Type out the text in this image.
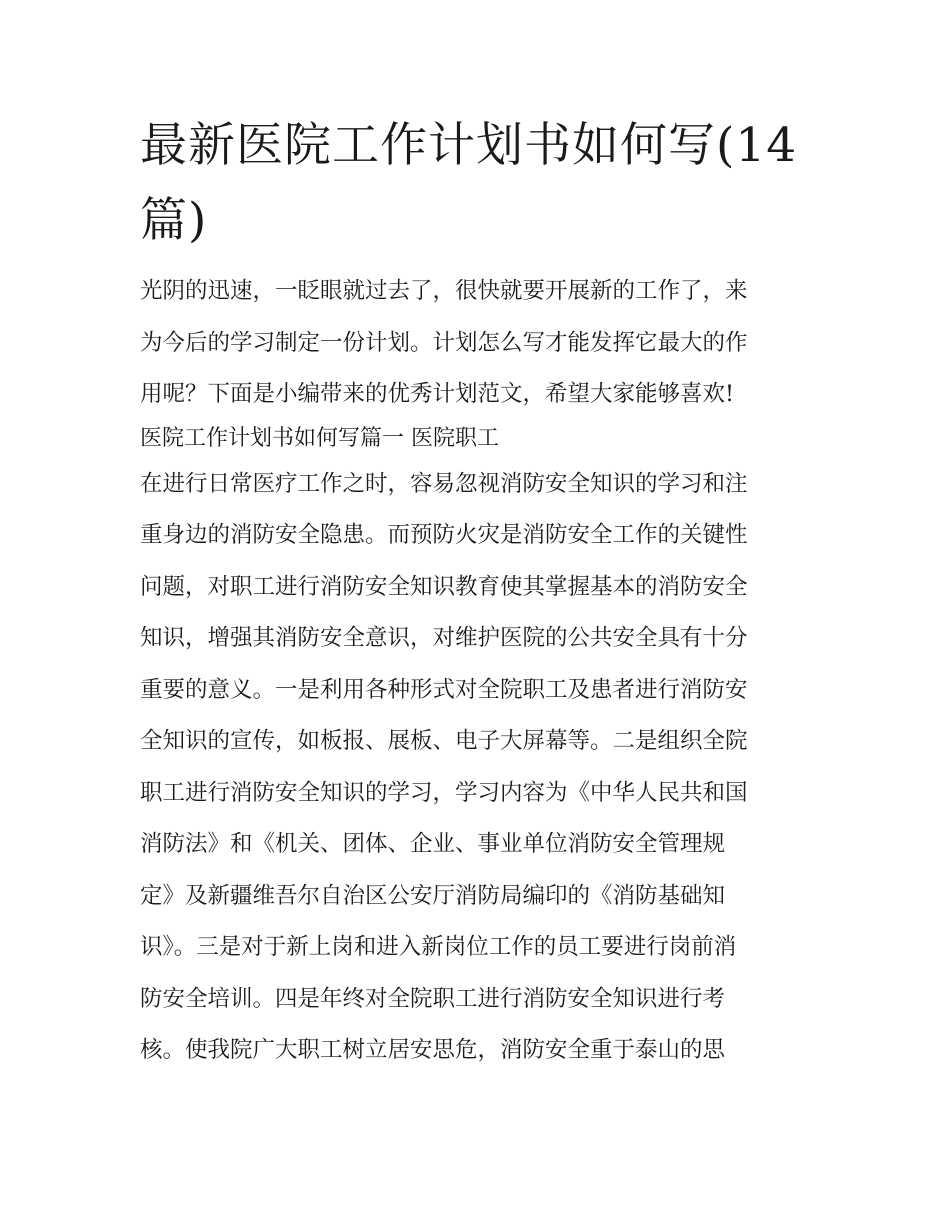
最新医院工作计划书如何写(14
篇)
光阴的迅速，一眨眼就过去了，很快就要开展新的工作了，来
为今后的学习制定一份计划。计划怎么写才能发挥它最大的作
用呢？下面是小编带来的优秀计划范文，希望大家能够喜欢!
医院工作计划书如何写篇一 医院职工
在进行日常医疗工作之时，容易忽视消防安全知识的学习和注
重身边的消防安全隐患。而预防火灾是消防安全工作的关键性
问题，对职工进行消防安全知识教育使其掌握基本的消防安全
知识，增强其消防安全意识，对维护医院的公共安全具有十分
重要的意义。一是利用各种形式对全院职工及患者进行消防安
全知识的宣传，如板报、展板、电子大屏幕等。二是组织全院
职工进行消防安全知识的学习，学习内容为《中华人民共和国
消防法》和《机关、团体、企业、事业单位消防安全管理规
定》及新疆维吾尔自治区公安厅消防局编印的《消防基础知
识》。三是对于新上岗和进入新岗位工作的员工要进行岗前消
防安全培训。四是年终对全院职工进行消防安全知识进行考
核。使我院广大职工树立居安思危，消防安全重于泰山的思
